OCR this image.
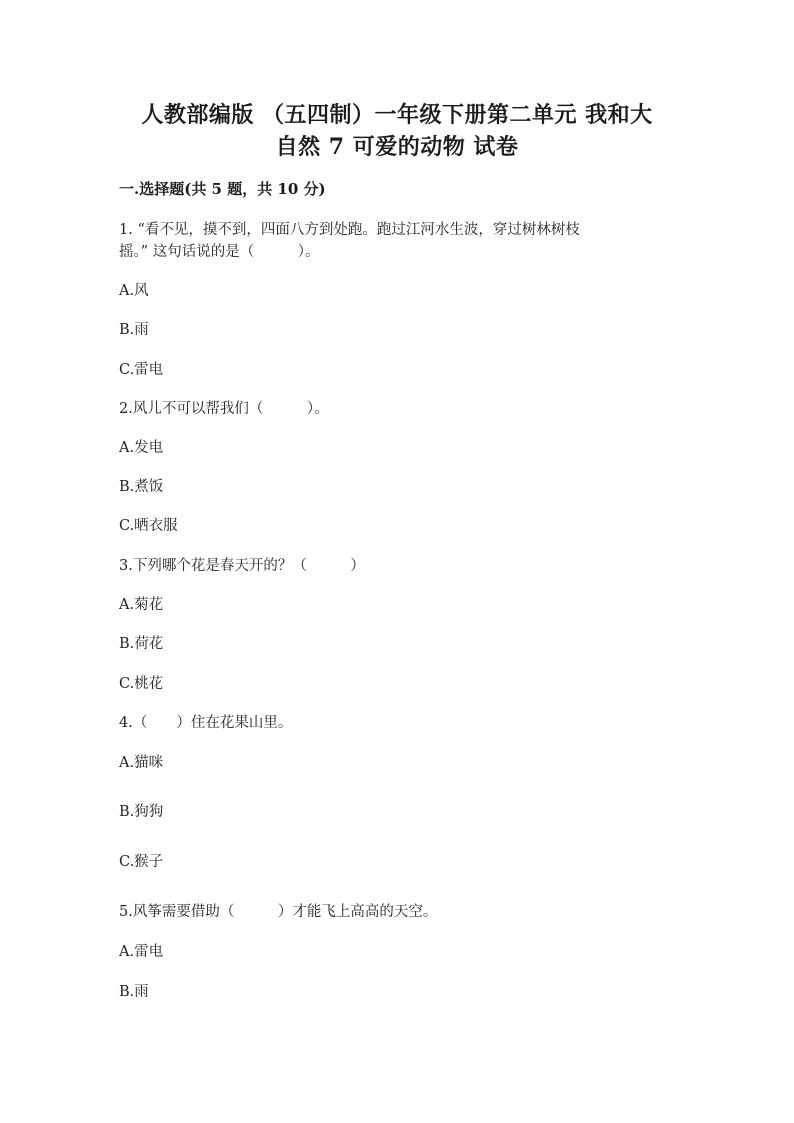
人教部编版 （五四制）一年级下册第二单元 我和大
自然 7 可爱的动物 试卷
一.选择题(共 5 题，共 10 分)
1. “看不见，摸不到，四面八方到处跑。跑过江河水生波，穿过树林树枝
摇。” 这句话说的是（　　　）。
A.风
B.雨
C.雷电
2.风儿不可以帮我们（　　　）。
A.发电
B.煮饭
C.晒衣服
3.下列哪个花是春天开的？（　　　）
A.菊花
B.荷花
C.桃花
4.（　　）住在花果山里。
A.猫咪
B.狗狗
C.猴子
5.风筝需要借助（　　　）才能飞上高高的天空。
A.雷电
B.雨
